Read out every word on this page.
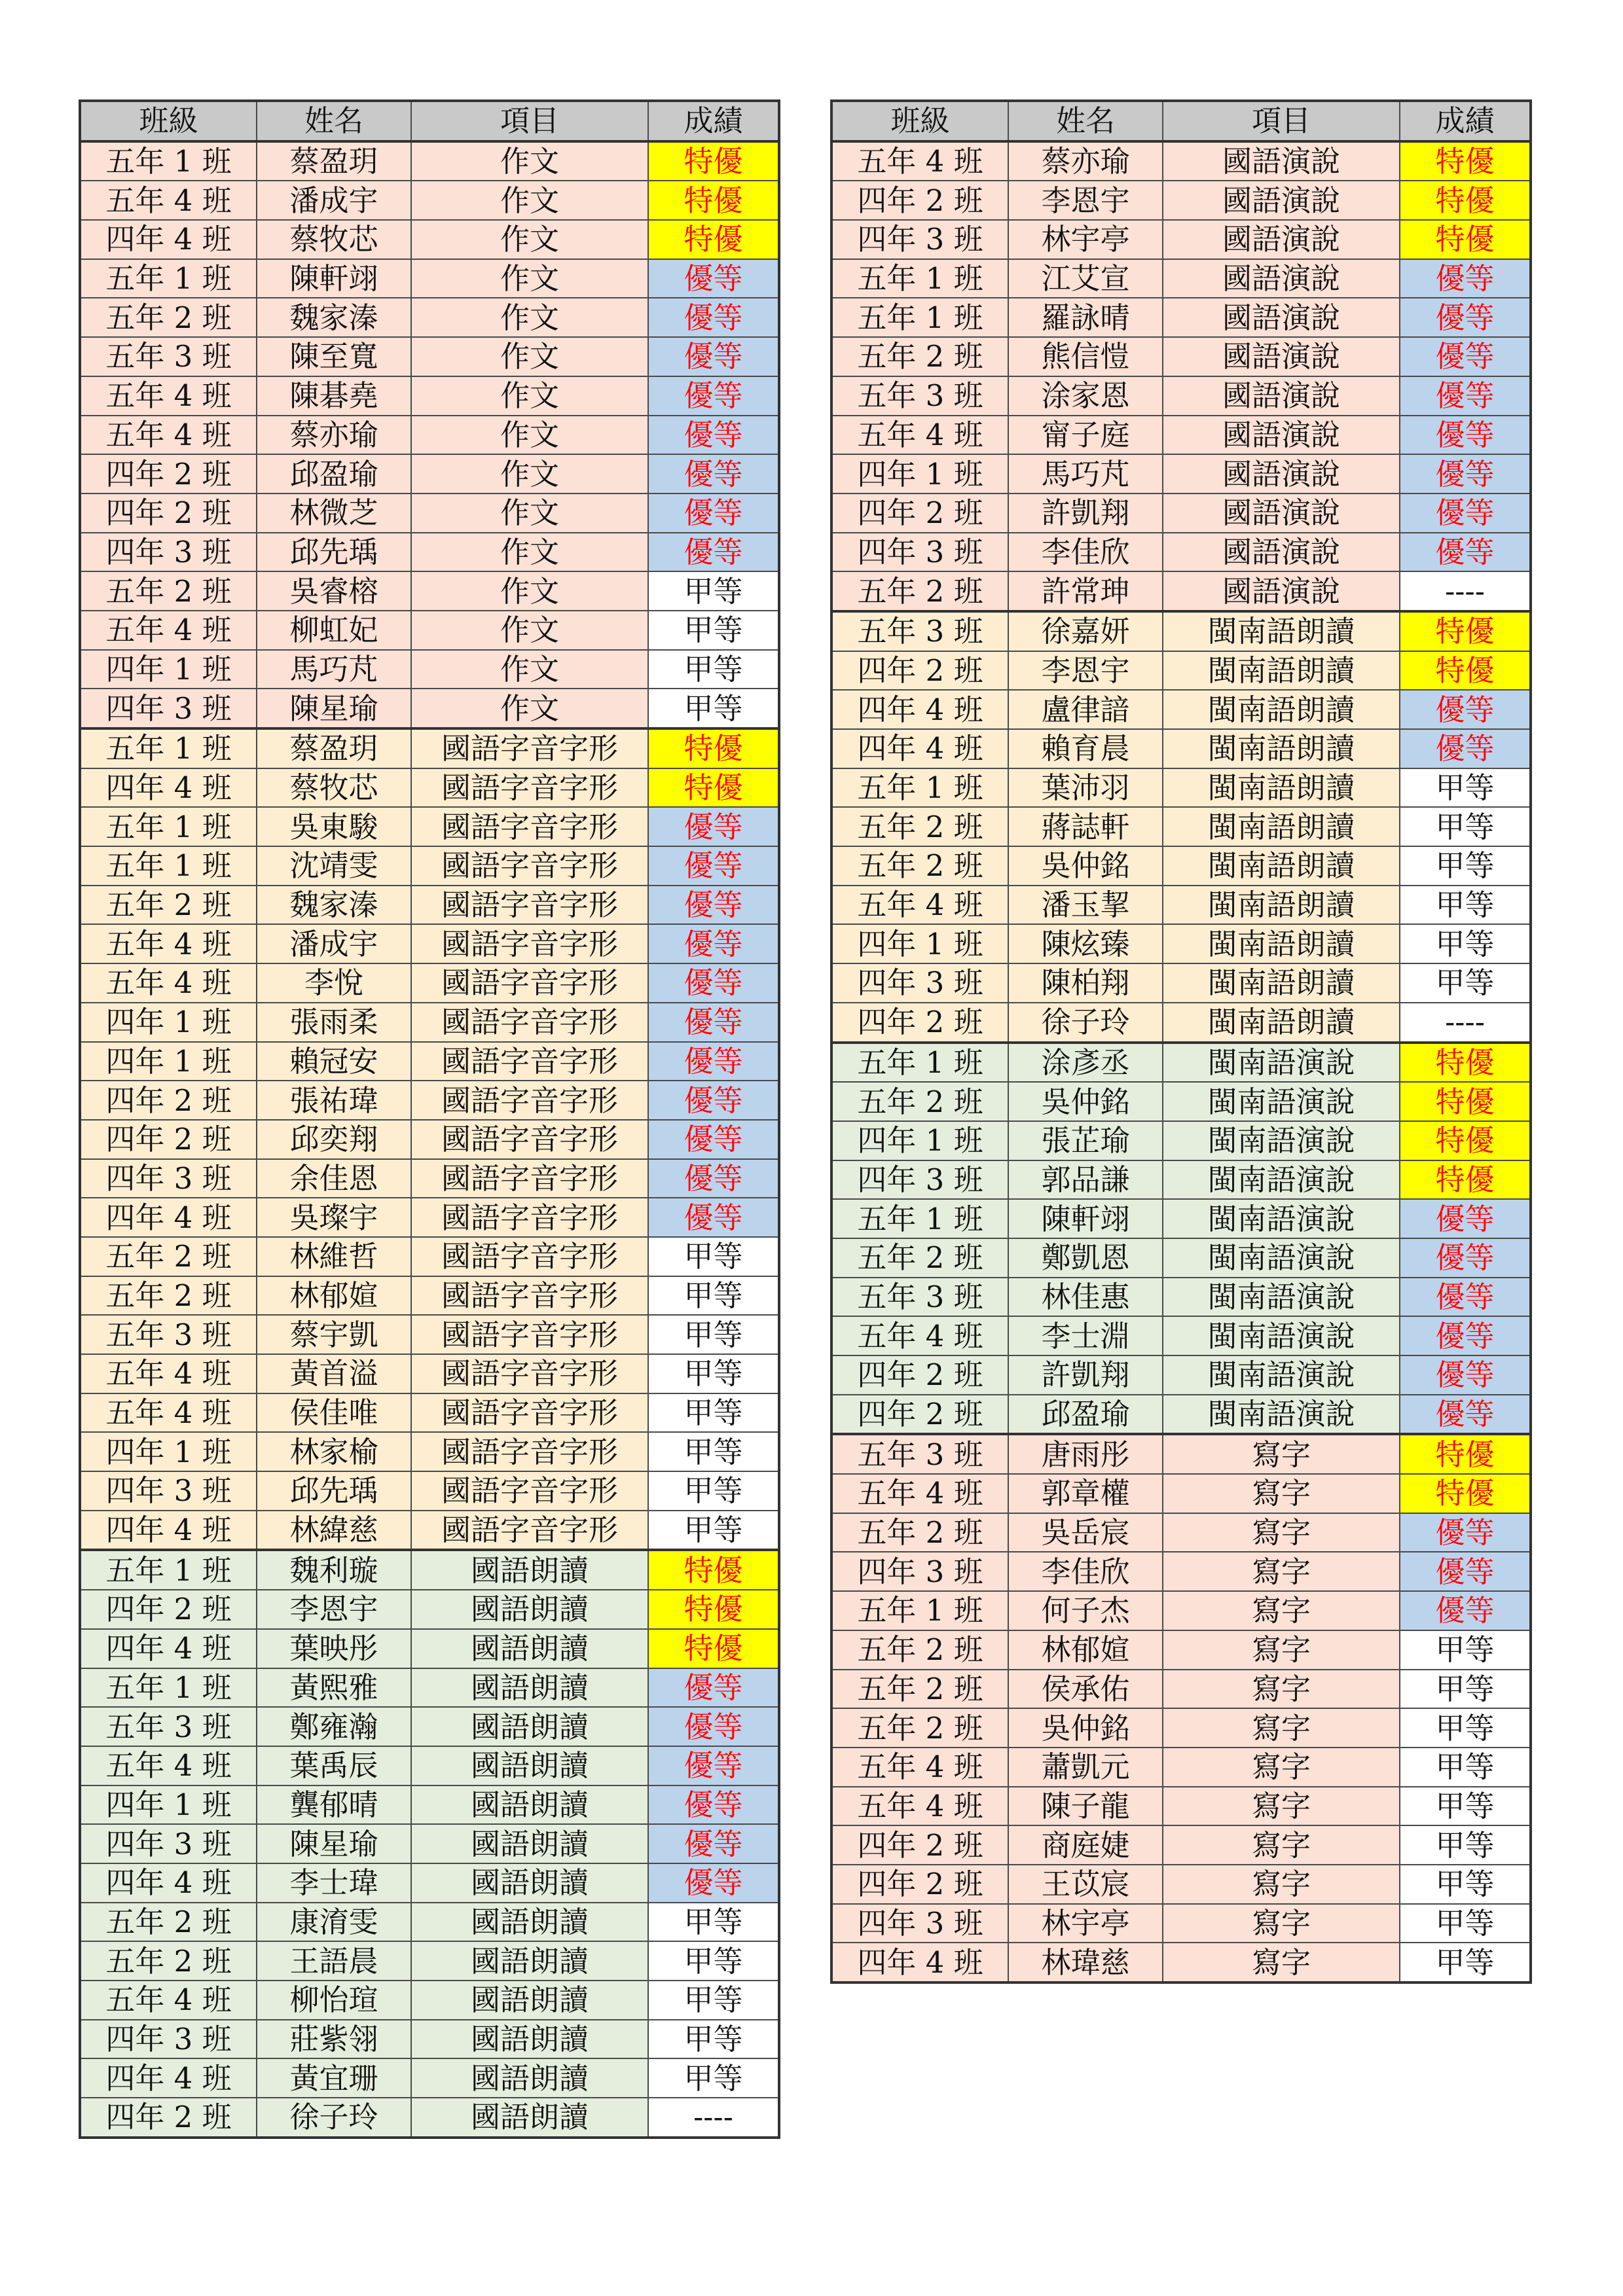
班級	姓名	項目	成績
五年 1 班	蔡盈玥	作文	特優
五年 4 班	潘成宇	作文	特優
四年 4 班	蔡牧芯	作文	特優
五年 1 班	陳軒翊	作文	優等
五年 2 班	魏家溱	作文	優等
五年 3 班	陳至寬	作文	優等
五年 4 班	陳碁堯	作文	優等
五年 4 班	蔡亦瑜	作文	優等
四年 2 班	邱盈瑜	作文	優等
四年 2 班	林微芝	作文	優等
四年 3 班	邱先瑀	作文	優等
五年 2 班	吳睿榕	作文	甲等
五年 4 班	柳虹妃	作文	甲等
四年 1 班	馬巧芃	作文	甲等
四年 3 班	陳星瑜	作文	甲等
五年 1 班	蔡盈玥	國語字音字形	特優
四年 4 班	蔡牧芯	國語字音字形	特優
五年 1 班	吳東駿	國語字音字形	優等
五年 1 班	沈靖雯	國語字音字形	優等
五年 2 班	魏家溱	國語字音字形	優等
五年 4 班	潘成宇	國語字音字形	優等
五年 4 班	李悅	國語字音字形	優等
四年 1 班	張雨柔	國語字音字形	優等
四年 1 班	賴冠安	國語字音字形	優等
四年 2 班	張祐瑋	國語字音字形	優等
四年 2 班	邱奕翔	國語字音字形	優等
四年 3 班	余佳恩	國語字音字形	優等
四年 4 班	吳璨宇	國語字音字形	優等
五年 2 班	林維哲	國語字音字形	甲等
五年 2 班	林郁媗	國語字音字形	甲等
五年 3 班	蔡宇凱	國語字音字形	甲等
五年 4 班	黃首溢	國語字音字形	甲等
五年 4 班	侯佳唯	國語字音字形	甲等
四年 1 班	林家榆	國語字音字形	甲等
四年 3 班	邱先瑀	國語字音字形	甲等
四年 4 班	林緯慈	國語字音字形	甲等
五年 1 班	魏利璇	國語朗讀	特優
四年 2 班	李恩宇	國語朗讀	特優
四年 4 班	葉映彤	國語朗讀	特優
五年 1 班	黃熙雅	國語朗讀	優等
五年 3 班	鄭雍瀚	國語朗讀	優等
五年 4 班	葉禹辰	國語朗讀	優等
四年 1 班	龔郁晴	國語朗讀	優等
四年 3 班	陳星瑜	國語朗讀	優等
四年 4 班	李士瑋	國語朗讀	優等
五年 2 班	康淯雯	國語朗讀	甲等
五年 2 班	王語晨	國語朗讀	甲等
五年 4 班	柳怡瑄	國語朗讀	甲等
四年 3 班	莊紫翎	國語朗讀	甲等
四年 4 班	黃宜珊	國語朗讀	甲等
四年 2 班	徐子玲	國語朗讀	----
班級	姓名	項目	成績
五年 4 班	蔡亦瑜	國語演說	特優
四年 2 班	李恩宇	國語演說	特優
四年 3 班	林宇亭	國語演說	特優
五年 1 班	江艾宣	國語演說	優等
五年 1 班	羅詠晴	國語演說	優等
五年 2 班	熊信愷	國語演說	優等
五年 3 班	涂家恩	國語演說	優等
五年 4 班	甯子庭	國語演說	優等
四年 1 班	馬巧芃	國語演說	優等
四年 2 班	許凱翔	國語演說	優等
四年 3 班	李佳欣	國語演說	優等
五年 2 班	許常珅	國語演說	----
五年 3 班	徐嘉妍	閩南語朗讀	特優
四年 2 班	李恩宇	閩南語朗讀	特優
四年 4 班	盧律諳	閩南語朗讀	優等
四年 4 班	賴育晨	閩南語朗讀	優等
五年 1 班	葉沛羽	閩南語朗讀	甲等
五年 2 班	蔣誌軒	閩南語朗讀	甲等
五年 2 班	吳仲銘	閩南語朗讀	甲等
五年 4 班	潘玉挈	閩南語朗讀	甲等
四年 1 班	陳炫臻	閩南語朗讀	甲等
四年 3 班	陳柏翔	閩南語朗讀	甲等
四年 2 班	徐子玲	閩南語朗讀	----
五年 1 班	涂彥丞	閩南語演說	特優
五年 2 班	吳仲銘	閩南語演說	特優
四年 1 班	張芷瑜	閩南語演說	特優
四年 3 班	郭品謙	閩南語演說	特優
五年 1 班	陳軒翊	閩南語演說	優等
五年 2 班	鄭凱恩	閩南語演說	優等
五年 3 班	林佳惠	閩南語演說	優等
五年 4 班	李士淵	閩南語演說	優等
四年 2 班	許凱翔	閩南語演說	優等
四年 2 班	邱盈瑜	閩南語演說	優等
五年 3 班	唐雨彤	寫字	特優
五年 4 班	郭章權	寫字	特優
五年 2 班	吳岳宸	寫字	優等
四年 3 班	李佳欣	寫字	優等
五年 1 班	何子杰	寫字	優等
五年 2 班	林郁媗	寫字	甲等
五年 2 班	侯承佑	寫字	甲等
五年 2 班	吳仲銘	寫字	甲等
五年 4 班	蕭凱元	寫字	甲等
五年 4 班	陳子龍	寫字	甲等
四年 2 班	商庭婕	寫字	甲等
四年 2 班	王苡宸	寫字	甲等
四年 3 班	林宇亭	寫字	甲等
四年 4 班	林瑋慈	寫字	甲等
